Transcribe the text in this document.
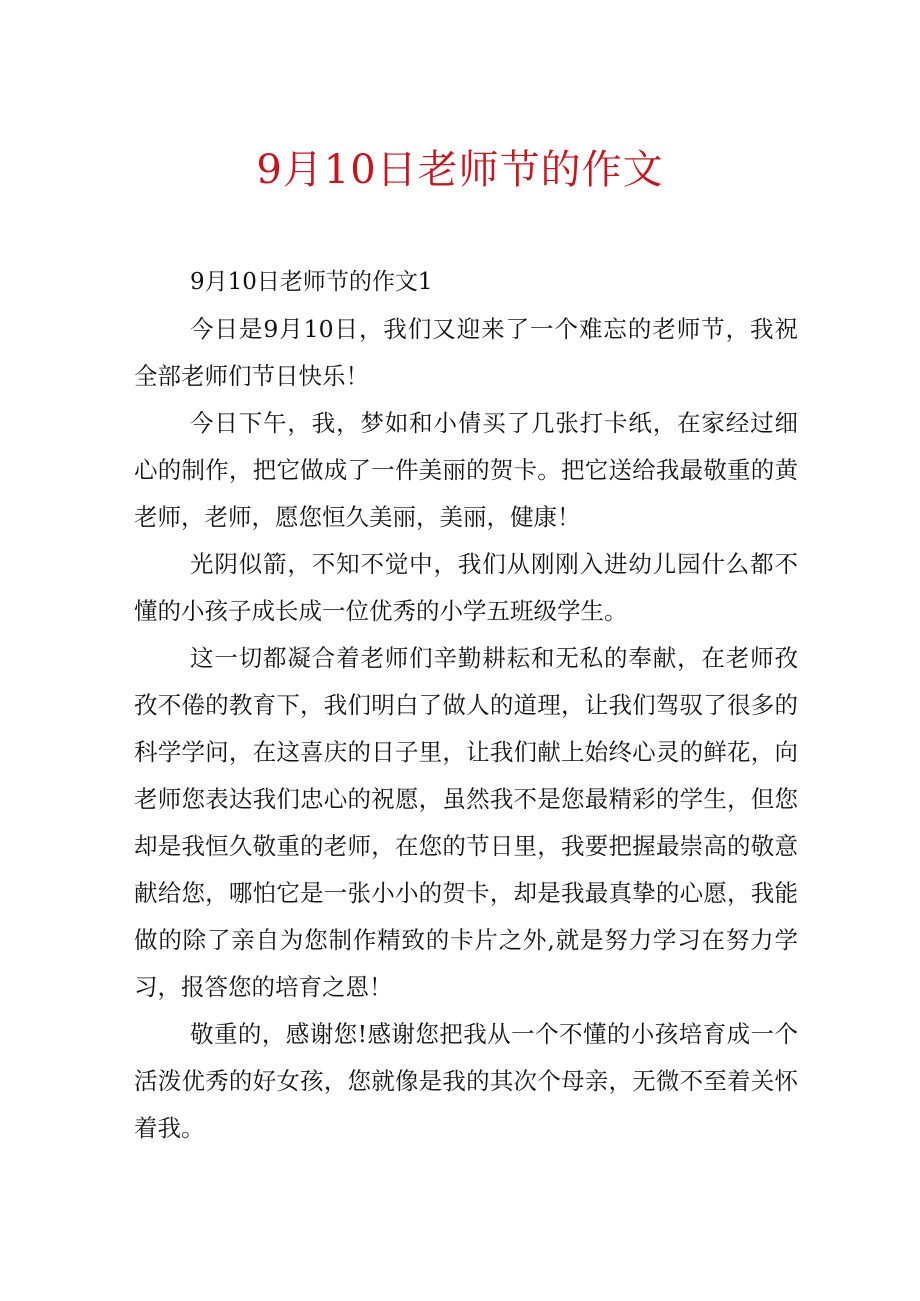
9月10日老师节的作文
9月10日老师节的作文1

今日是9月10日，我们又迎来了一个难忘的老师节，我祝全部老师们节日快乐！

今日下午，我，梦如和小倩买了几张打卡纸，在家经过细心的制作，把它做成了一件美丽的贺卡。把它送给我最敬重的黄老师，老师，愿您恒久美丽，美丽，健康！

光阴似箭，不知不觉中，我们从刚刚入进幼儿园什么都不懂的小孩子成长成一位优秀的小学五班级学生。

这一切都凝合着老师们辛勤耕耘和无私的奉献，在老师孜孜不倦的教育下，我们明白了做人的道理，让我们驾驭了很多的科学学问，在这喜庆的日子里，让我们献上始终心灵的鲜花，向老师您表达我们忠心的祝愿，虽然我不是您最精彩的学生，但您却是我恒久敬重的老师，在您的节日里，我要把握最崇高的敬意献给您，哪怕它是一张小小的贺卡，却是我最真挚的心愿，我能做的除了亲自为您制作精致的卡片之外,就是努力学习在努力学习，报答您的培育之恩！

敬重的，感谢您!感谢您把我从一个不懂的小孩培育成一个活泼优秀的好女孩，您就像是我的其次个母亲，无微不至着关怀着我。
